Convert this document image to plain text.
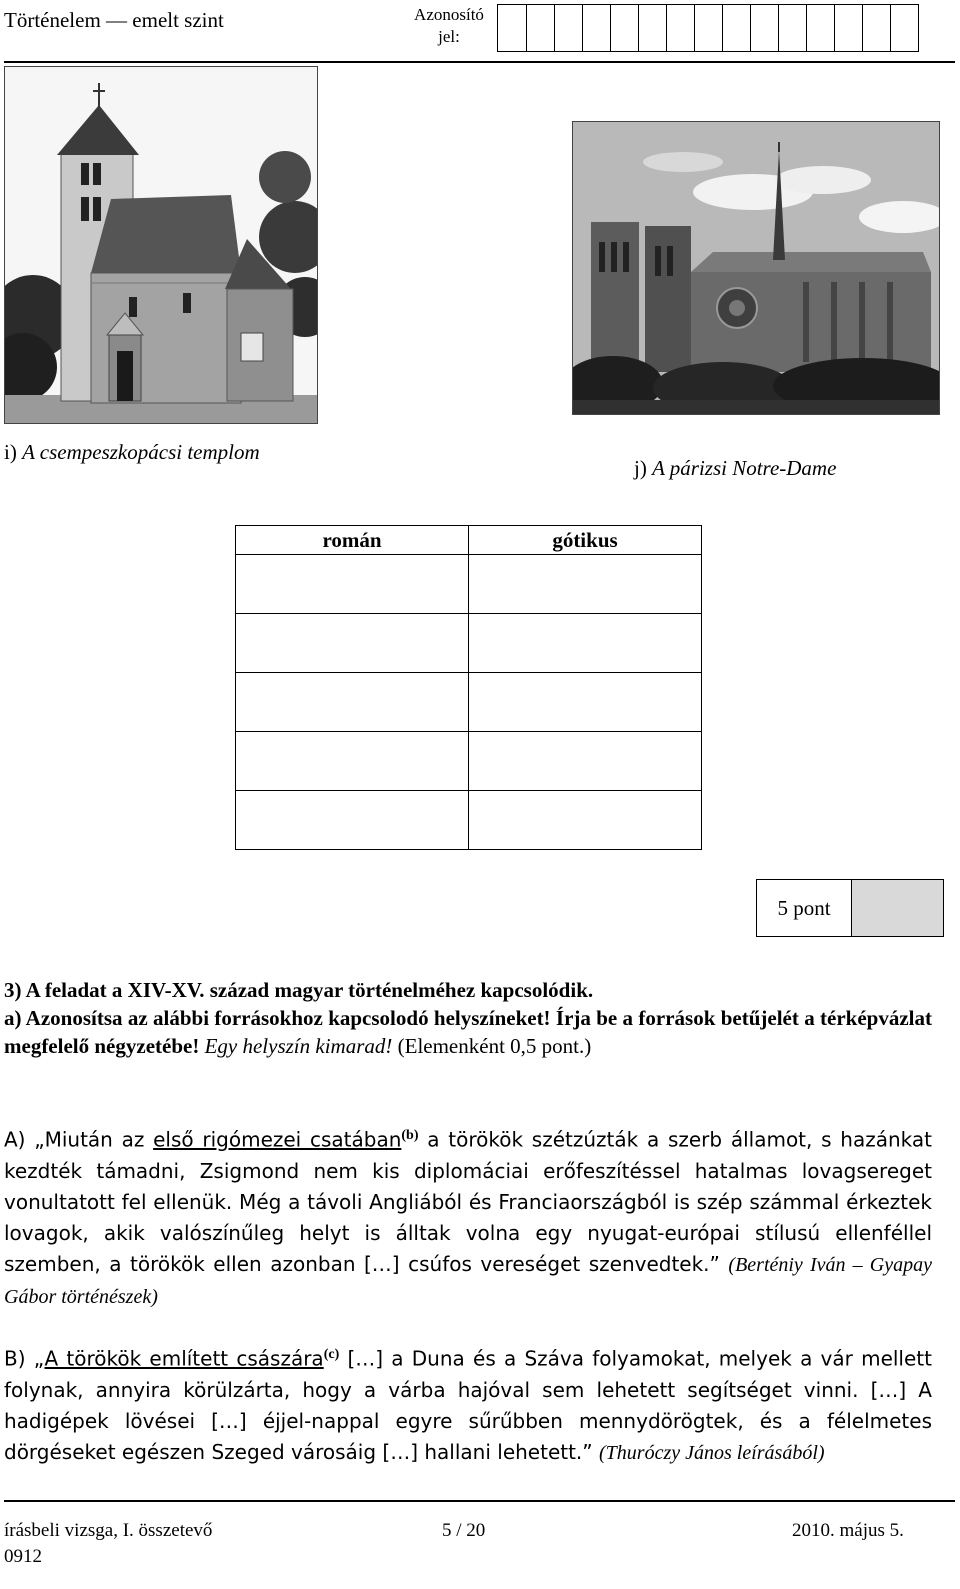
Történelem — emelt szint	Azonosító jel:
i) A csempeszkopácsi templom
j) A párizsi Notre-Dame
román	gótikus

5 pont
3) A feladat a XIV-XV. század magyar történelméhez kapcsolódik.
a) Azonosítsa az alábbi forrásokhoz kapcsolodó helyszíneket! Írja be a források betűjelét a térképvázlat megfelelő négyzetébe! Egy helyszín kimarad! (Elemenként 0,5 pont.)
A) „Miután az első rigómezei csatában$^{(b)}$ a törökök szétzúzták a szerb államot, s hazánkat kezdték támadni, Zsigmond nem kis diplomáciai erőfeszítéssel hatalmas lovagsereget vonultatott fel ellenük. Még a távoli Angliából és Franciaországból is szép számmal érkeztek lovagok, akik valószínűleg helyt is álltak volna egy nyugat-európai stílusú ellenféllel szemben, a törökök ellen azonban […] csúfos vereséget szenvedtek.” (Berténiy Iván – Gyapay Gábor történészek)
B) „A törökök említett császára$^{(c)}$ […] a Duna és a Száva folyamokat, melyek a vár mellett folynak, annyira körülzárta, hogy a várba hajóval sem lehetett segítséget vinni. […] A hadigépek lövései […] éjjel-nappal egyre sűrűbben mennydörögtek, és a félelmetes dörgéseket egészen Szeged városáig […] hallani lehetett.” (Thuróczy János leírásából)
írásbeli vizsga, I. összetevő	5 / 20	2010. május 5.
0912
